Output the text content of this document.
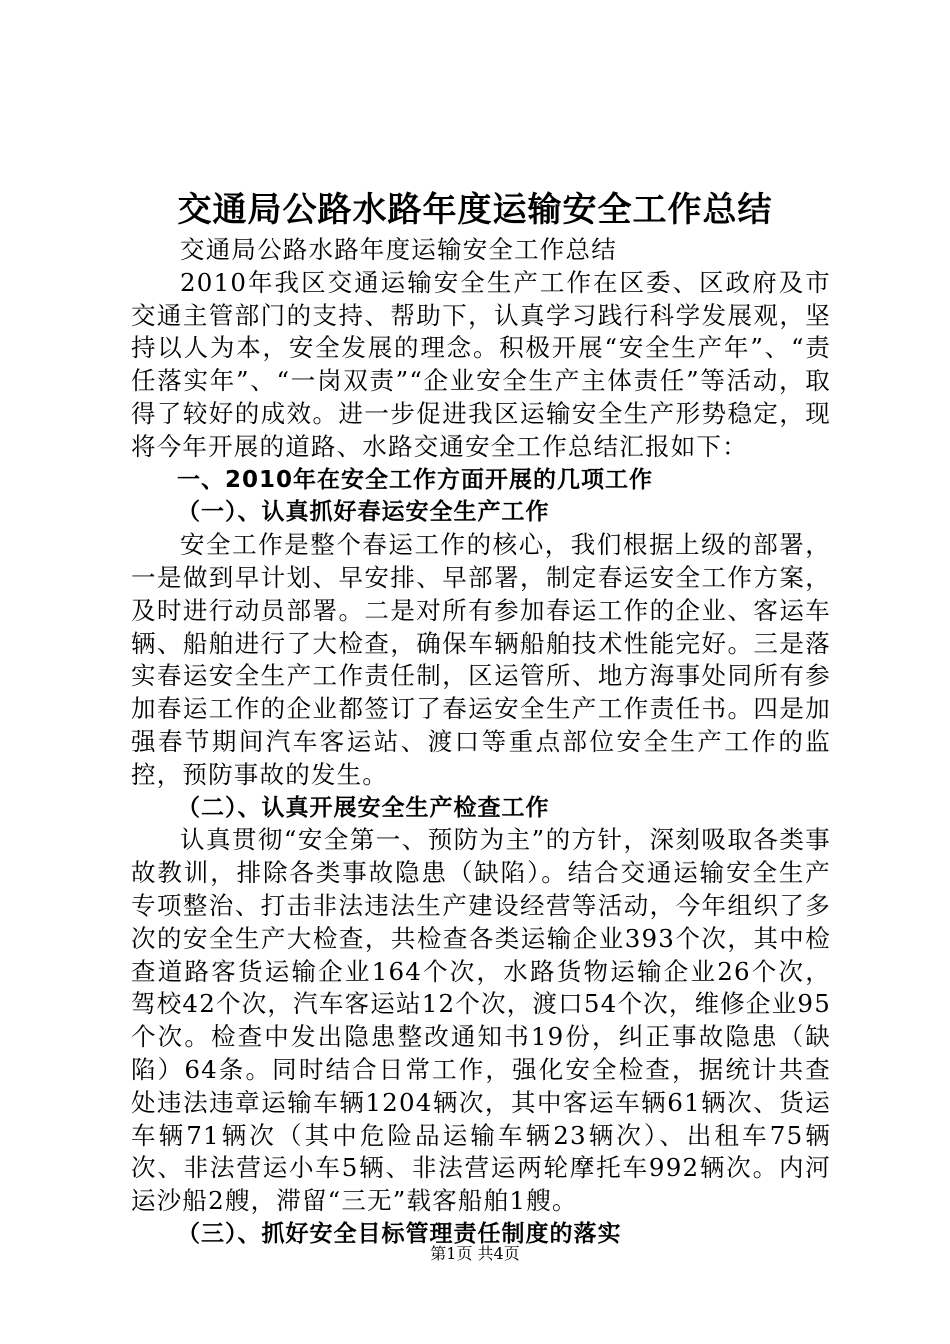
交通局公路水路年度运输安全工作总结

交通局公路水路年度运输安全工作总结

2010年我区交通运输安全生产工作在区委、区政府及市交通主管部门的支持、帮助下，认真学习践行科学发展观，坚持以人为本，安全发展的理念。积极开展“安全生产年”、“责任落实年”、“一岗双责”“企业安全生产主体责任”等活动，取得了较好的成效。进一步促进我区运输安全生产形势稳定，现将今年开展的道路、水路交通安全工作总结汇报如下：

一、2010年在安全工作方面开展的几项工作
（一）、认真抓好春运安全生产工作

安全工作是整个春运工作的核心，我们根据上级的部署，一是做到早计划、早安排、早部署，制定春运安全工作方案，及时进行动员部署。二是对所有参加春运工作的企业、客运车辆、船舶进行了大检查，确保车辆船舶技术性能完好。三是落实春运安全生产工作责任制，区运管所、地方海事处同所有参加春运工作的企业都签订了春运安全生产工作责任书。四是加强春节期间汽车客运站、渡口等重点部位安全生产工作的监控，预防事故的发生。

（二）、认真开展安全生产检查工作

认真贯彻“安全第一、预防为主”的方针，深刻吸取各类事故教训，排除各类事故隐患（缺陷）。结合交通运输安全生产专项整治、打击非法违法生产建设经营等活动，今年组织了多次的安全生产大检查，共检查各类运输企业393个次，其中检查道路客货运输企业164个次，水路货物运输企业26个次，驾校42个次，汽车客运站12个次，渡口54个次，维修企业95个次。检查中发出隐患整改通知书19份，纠正事故隐患（缺陷）64条。同时结合日常工作，强化安全检查，据统计共查处违法违章运输车辆1204辆次，其中客运车辆61辆次、货运车辆71辆次（其中危险品运输车辆23辆次）、出租车75辆次、非法营运小车5辆、非法营运两轮摩托车992辆次。内河运沙船2艘，滞留“三无”载客船舶1艘。

（三）、抓好安全目标管理责任制度的落实
第1页 共4页
